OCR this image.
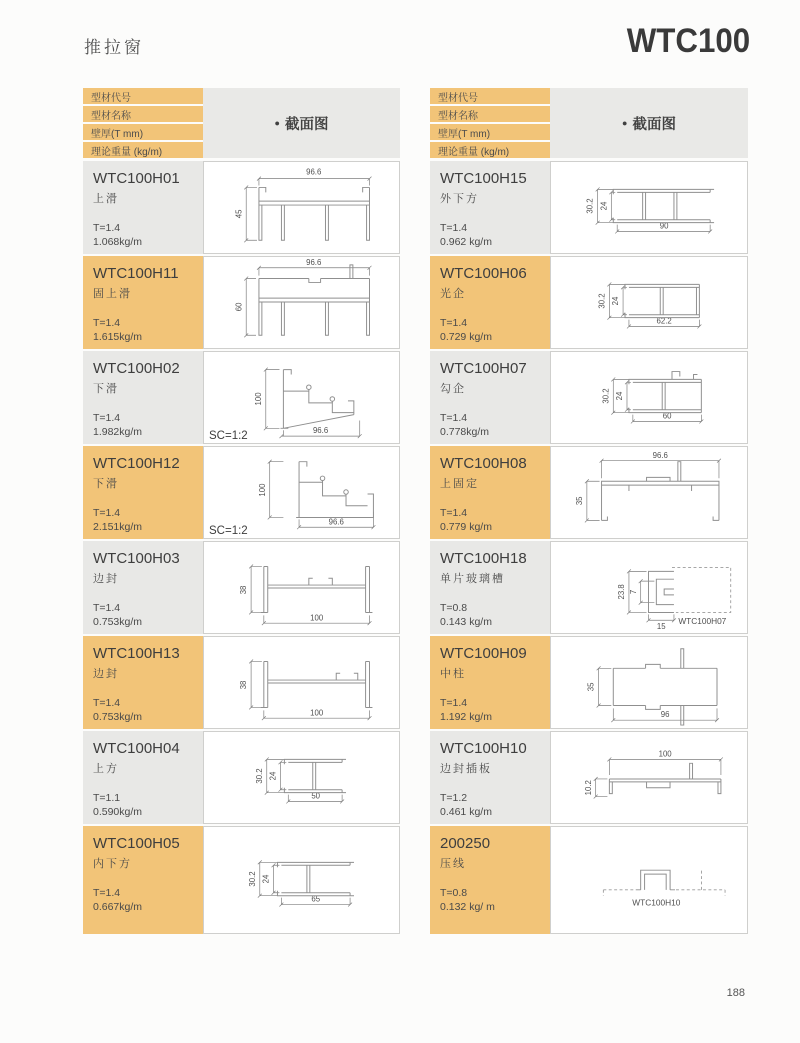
推拉窗	WTC100
型材代号
型材名称
壁厚(T mm)
理论重量 (kg/m)
● 截面图
WTC100H01
上滑
T=1.4
1.068kg/m
96.6
45
WTC100H11
固上滑
T=1.4
1.615kg/m
96.6
60
WTC100H02
下滑
T=1.4
1.982kg/m
100
96.6
SC=1:2
WTC100H12
下滑
T=1.4
2.151kg/m
100
96.6
SC=1:2
WTC100H03
边封
T=1.4
0.753kg/m
38
100
WTC100H13
边封
T=1.4
0.753kg/m
38
100
WTC100H04
上方
T=1.1
0.590kg/m
30.2 24
50
WTC100H05
内下方
T=1.4
0.667kg/m
30.2 24
65
型材代号
型材名称
壁厚(T mm)
理论重量 (kg/m)
● 截面图
WTC100H15
外下方
T=1.4
0.962 kg/m
30.2 24
90
WTC100H06
光企
T=1.4
0.729 kg/m
30.2 24
62.2
WTC100H07
勾企
T=1.4
0.778kg/m
30.2 24
60
WTC100H08
上固定
T=1.4
0.779 kg/m
96.6
35
WTC100H18
单片玻璃槽
T=0.8
0.143 kg/m
23.8 7
15
WTC100H07
WTC100H09
中柱
T=1.4
1.192 kg/m
35
96
WTC100H10
边封插板
T=1.2
0.461 kg/m
100
10.2
200250
压线
T=0.8
0.132 kg/ m	WTC100H10
188
